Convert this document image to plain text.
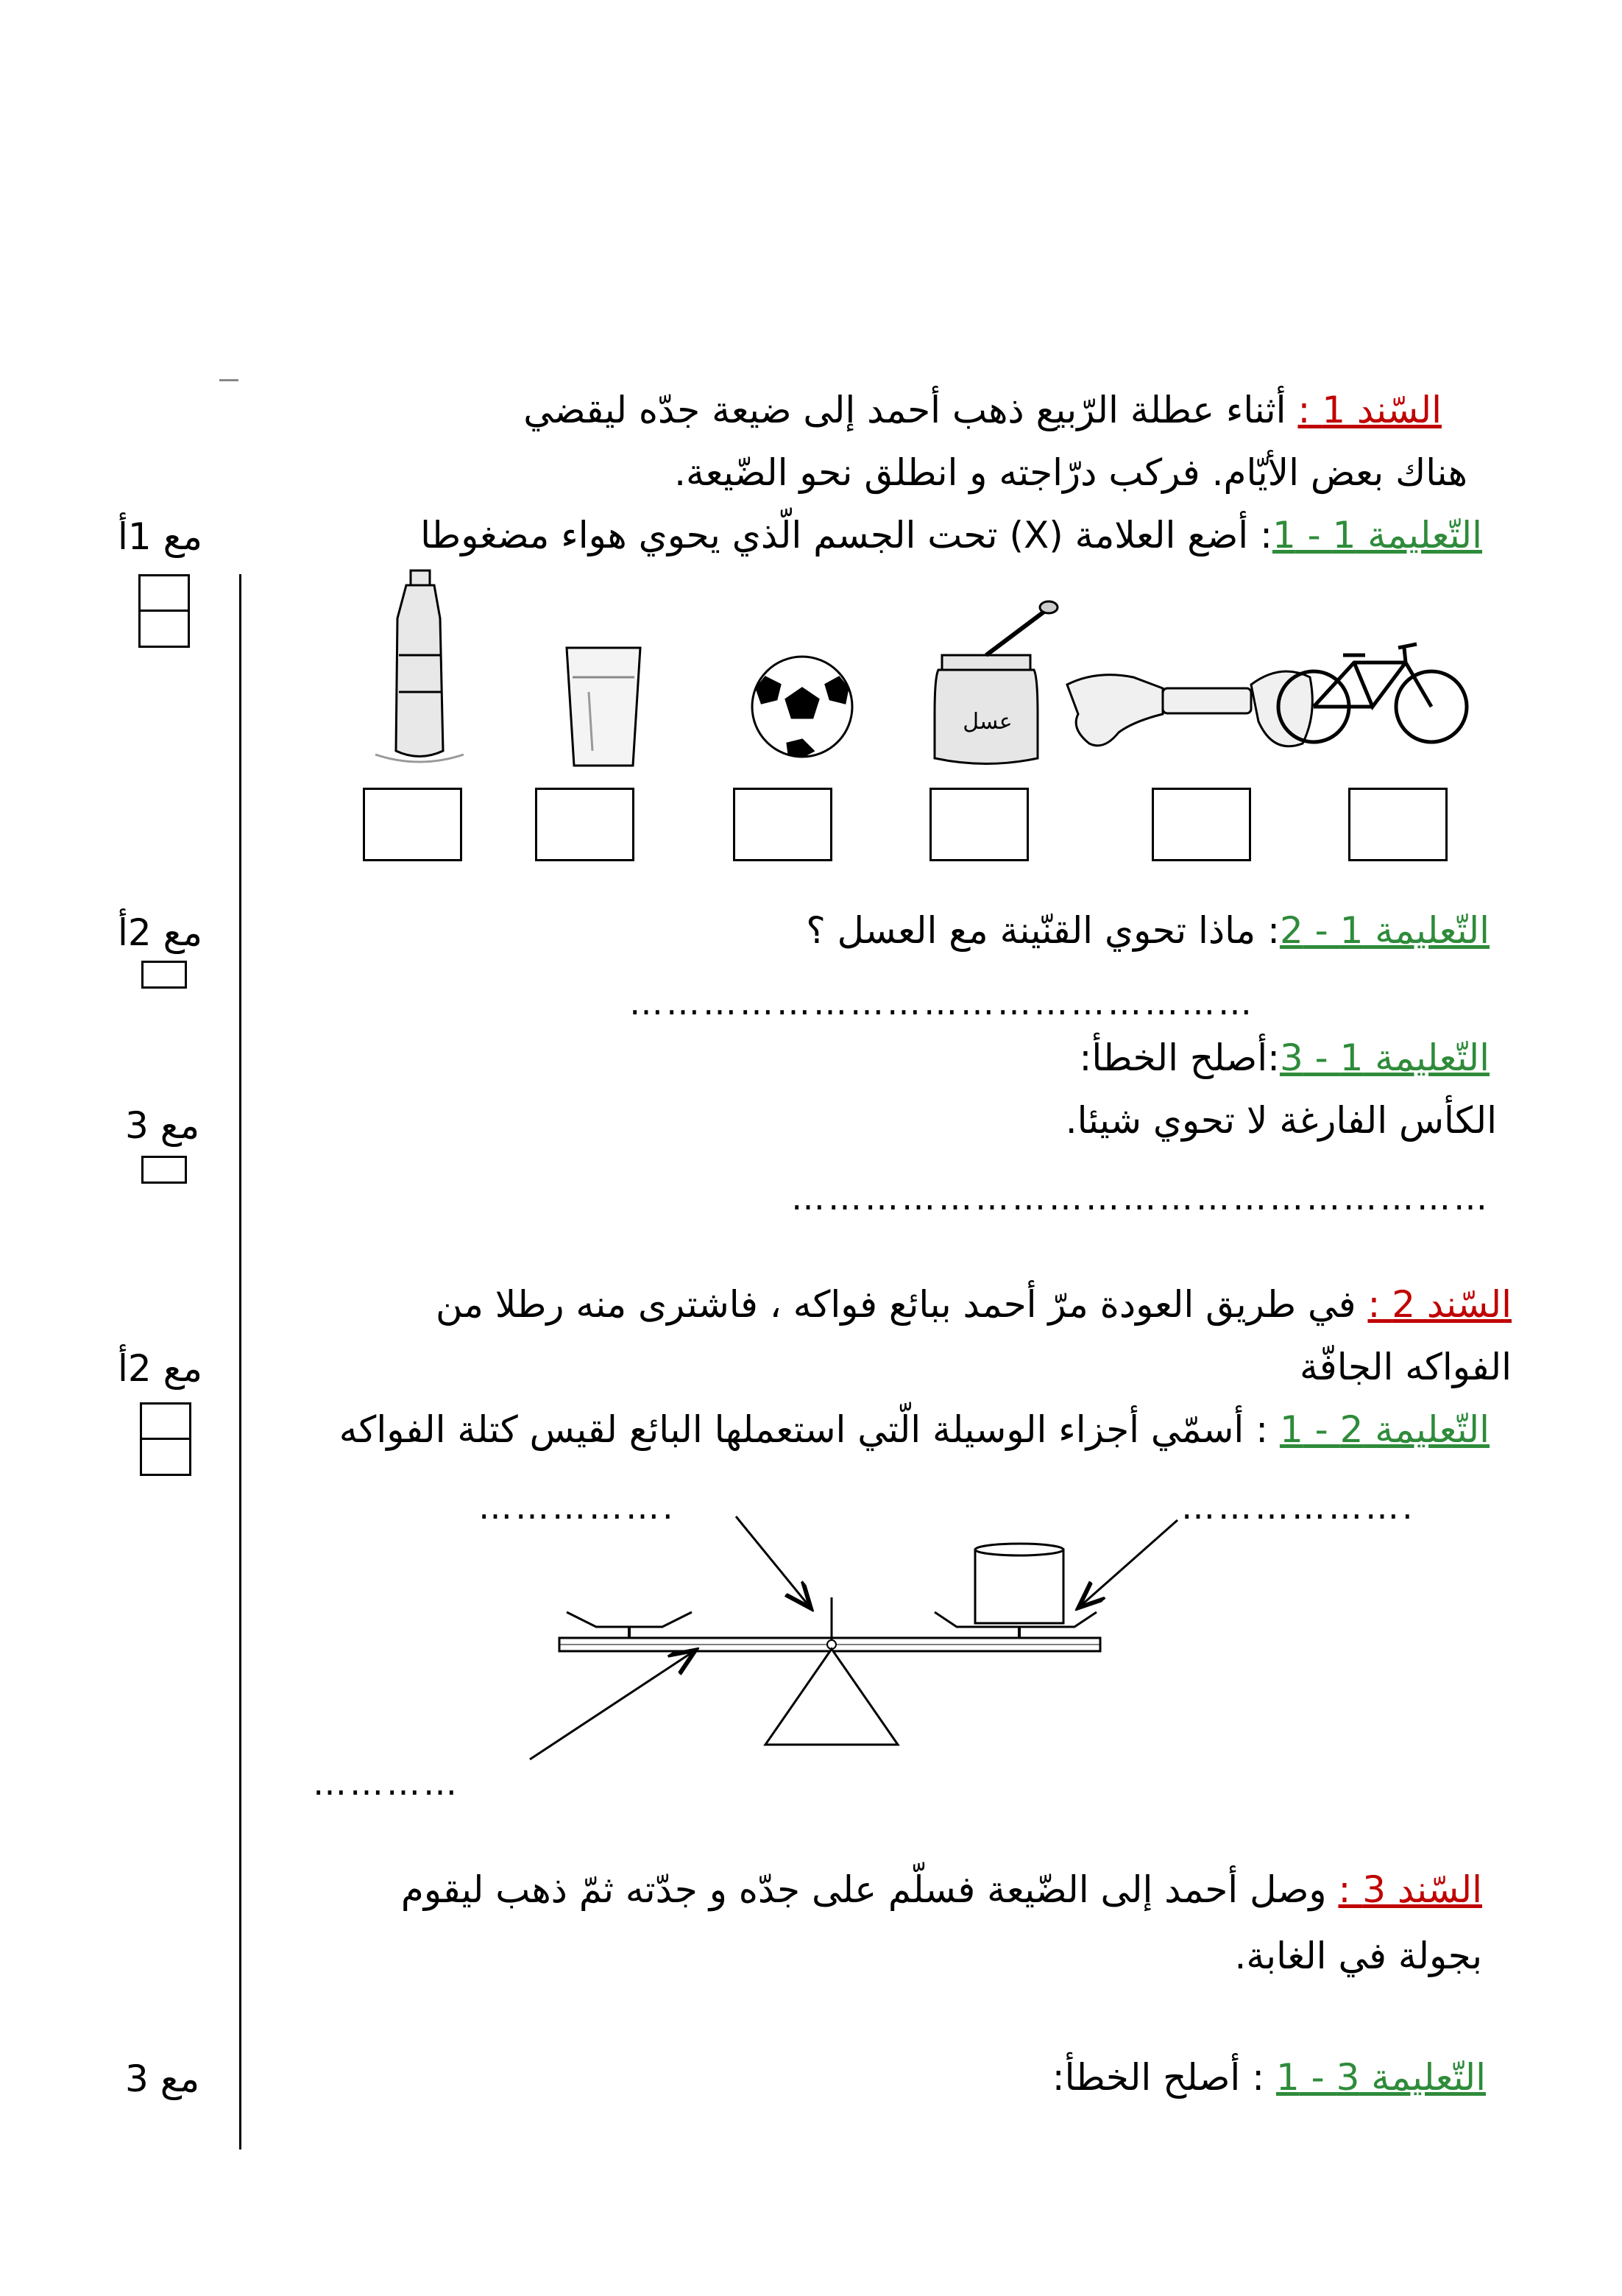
السّند 1 : أثناء عطلة الرّبيع ذهب أحمد إلى ضيعة جدّه ليقضي
هناك بعض الأيّام. فركب درّاجته و انطلق نحو الضّيعة.
التّعليمة 1 - 1: أضع العلامة (X) تحت الجسم الّذي يحوي هواء مضغوطا
مع 1أ
عسل
التّعليمة 1 - 2: ماذا تحوي القنّينة مع العسل ؟
مع 2أ
……………………………………………
التّعليمة 1 - 3:أصلح الخطأ:
الكأس الفارغة لا تحوي شيئا.
مع 3
…………………………………………………
السّند 2 : في طريق العودة مرّ أحمد ببائع فواكه ، فاشترى منه رطلا من
الفواكه الجافّة
مع 2أ
التّعليمة 2 - 1 : أسمّي أجزاء الوسيلة الّتي استعملها البائع لقيس كتلة الفواكه
…………….	……………….
…………
السّند 3 : وصل أحمد إلى الضّيعة فسلّم على جدّه و جدّته ثمّ ذهب ليقوم
بجولة في الغابة.
التّعليمة 3 - 1 : أصلح الخطأ:
مع 3
